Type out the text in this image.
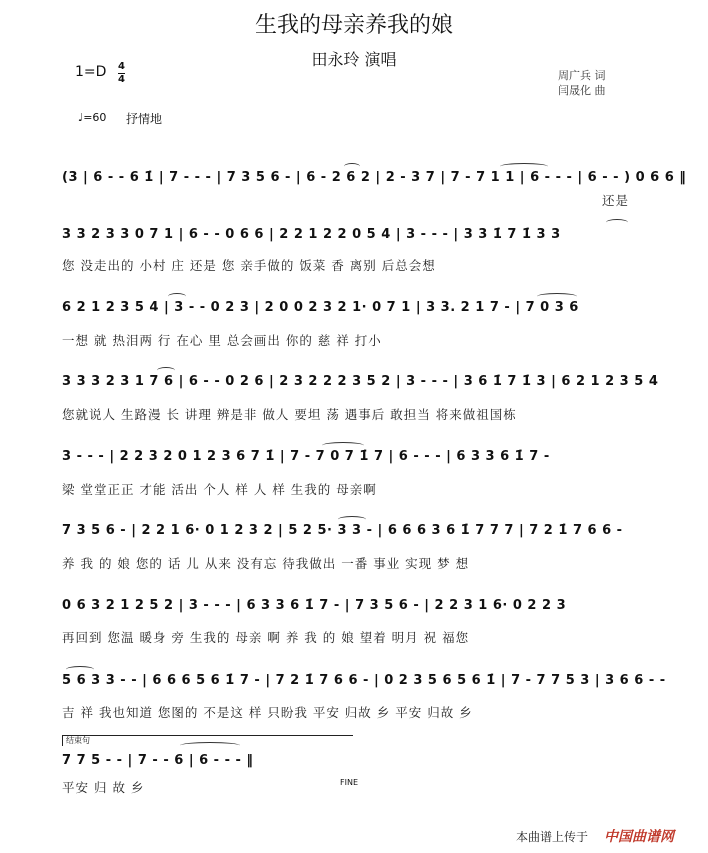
生我的母亲养我的娘
田永玲 演唱
1=D 4
4	周广兵 词
闫晟化 曲
♩=60 抒情地
(3 | 6 - - 6 1̇ | 7 - - - | 7 3 5 6 - | 6 - 2 6 2 | 2 - 3 7 | 7 - 7 1 1 | 6 - - - | 6 - - ) 0 6 6 ‖
还是
3 3 2 3 3 0 7 1 | 6 - - 0 6 6 | 2 2 1 2 2 0 5 4 | 3 - - - | 3 3 1̇ 7 1̇ 3 3
您 没走出的 小村 庄 还是 您 亲手做的 饭菜 香 离别 后总会想
6 2 1 2 3 5 4 | 3 - - 0 2 3 | 2 0 0 2 3 2 1· 0 7 1 | 3 3. 2 1 7 - | 7 0 3 6
一想 就 热泪两 行 在心 里 总会画出 你的 慈 祥 打小
3 3 3 2 3 1 7 6 | 6 - - 0 2 6 | 2 3 2 2 2 3 5 2 | 3 - - - | 3 6 1̇ 7 1̇ 3 | 6 2 1 2 3 5 4
您就说人 生路漫 长 讲理 辨是非 做人 要坦 荡 遇事后 敢担当 将来做祖国栋
3 - - - | 2 2 3 2 0 1 2 3 6 7 1̇ | 7 - 7 0 7 1̇ 7 | 6 - - - | 6 3 3 6 1̇ 7 -
梁 堂堂正正 才能 活出 个人 样 人 样 生我的 母亲啊
7 3 5 6 - | 2 2 1 6· 0 1 2 3 2 | 5 2 5· 3 3 - | 6 6 6 3 6 1̇ 7 7 7 | 7 2 1̇ 7 6 6 -
养 我 的 娘 您的 话 儿 从来 没有忘 待我做出 一番 事业 实现 梦 想
0 6 3 2 1 2 5 2 | 3 - - - | 6 3 3 6 1̇ 7 - | 7 3 5 6 - | 2 2 3 1 6· 0 2 2 3
再回到 您温 暖身 旁 生我的 母亲 啊 养 我 的 娘 望着 明月 祝 福您
5 6 3 3 - - | 6 6 6 5 6 1̇ 7 - | 7 2 1̇ 7 6 6 - | 0 2 3 5 6 5 6 1̇ | 7 - 7 7 5 3 | 3 6 6 - -
吉 祥 我也知道 您图的 不是这 样 只盼我 平安 归故 乡 平安 归故 乡
结束句
7 7 5 - - | 7 - - 6 | 6 - - - ‖
平安 归 故 乡	FINE
本曲谱上传于 中国曲谱网
